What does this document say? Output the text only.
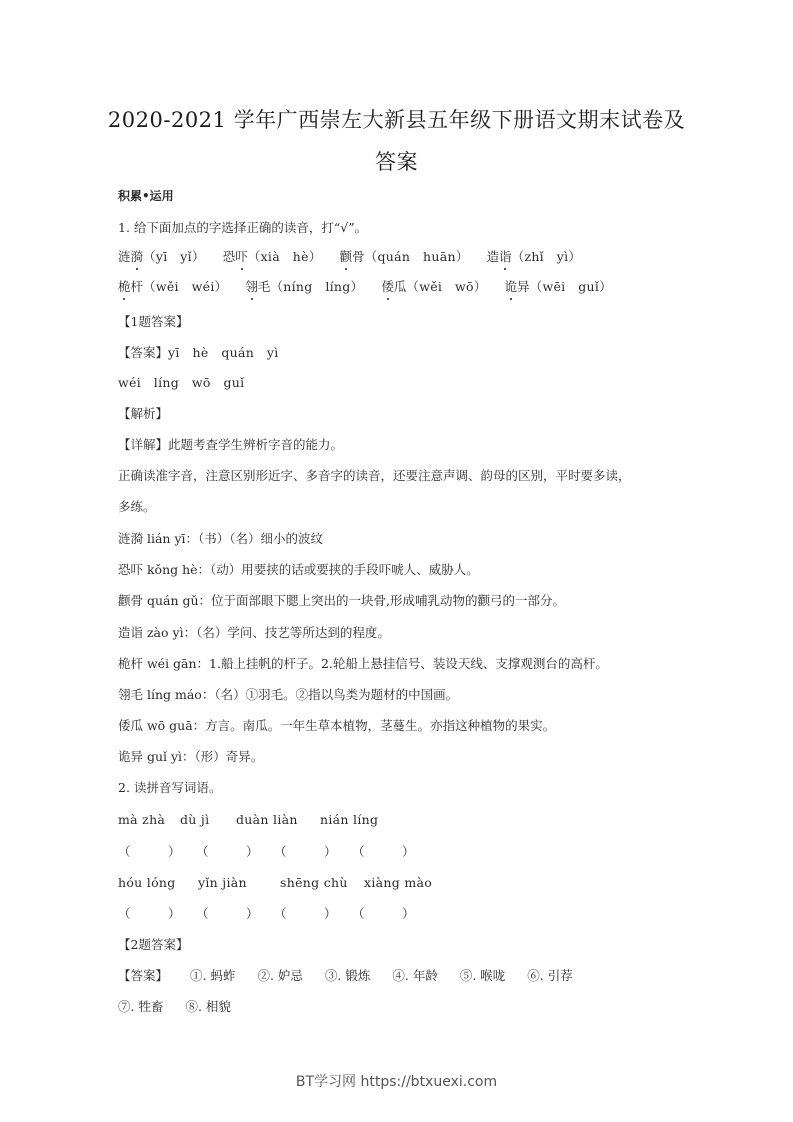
2020-2021 学年广西崇左大新县五年级下册语文期末试卷及
答案
积累•运用
1. 给下面加点的字选择正确的读音，打“√”。
涟漪（yī　yǐ） 恐吓（xià　hè） 颧骨（quán　huān） 造诣（zhǐ　yì）
桅杆（wěi　wéi） 翎毛（níng　líng） 倭瓜（wěi　wō） 诡异（wēi　guǐ）
【1题答案】
【答案】yī　hè　quán　yì
wéi　líng　wō　guǐ
【解析】
【详解】此题考查学生辨析字音的能力。
正确读准字音，注意区别形近字、多音字的读音，还要注意声调、韵母的区别，平时要多读，
多练。
涟漪 lián yī：（书）（名）细小的波纹
恐吓 kǒng hè：（动）用要挟的话或要挟的手段吓唬人、威胁人。
颧骨 quán gǔ：位于面部眼下腮上突出的一块骨,形成哺乳动物的颧弓的一部分。
造诣 zào yì：（名）学问、技艺等所达到的程度。
桅杆 wéi gān：1.船上挂帆的杆子。2.轮船上悬挂信号、装设天线、支撑观测台的高杆。
翎毛 líng máo：（名）①羽毛。②指以鸟类为题材的中国画。
倭瓜 wō guā：方言。南瓜。一年生草本植物，茎蔓生。亦指这种植物的果实。
诡异 guǐ yì：（形）奇异。
2. 读拼音写词语。
mà zhà dù jì duàn liàn nián líng
（　　　） （　　　） （　　　） （　　　）
hóu lóng yǐn jiàn	shēng chù xiàng mào
（　　　） （　　　） （　　　） （　　　）
【2题答案】
【答案】 ①. 蚂蚱 ②. 妒忌 ③. 锻炼 ④. 年龄 ⑤. 喉咙 ⑥. 引荐
⑦. 牲畜 ⑧. 相貌
BT学习网 https://btxuexi.com
